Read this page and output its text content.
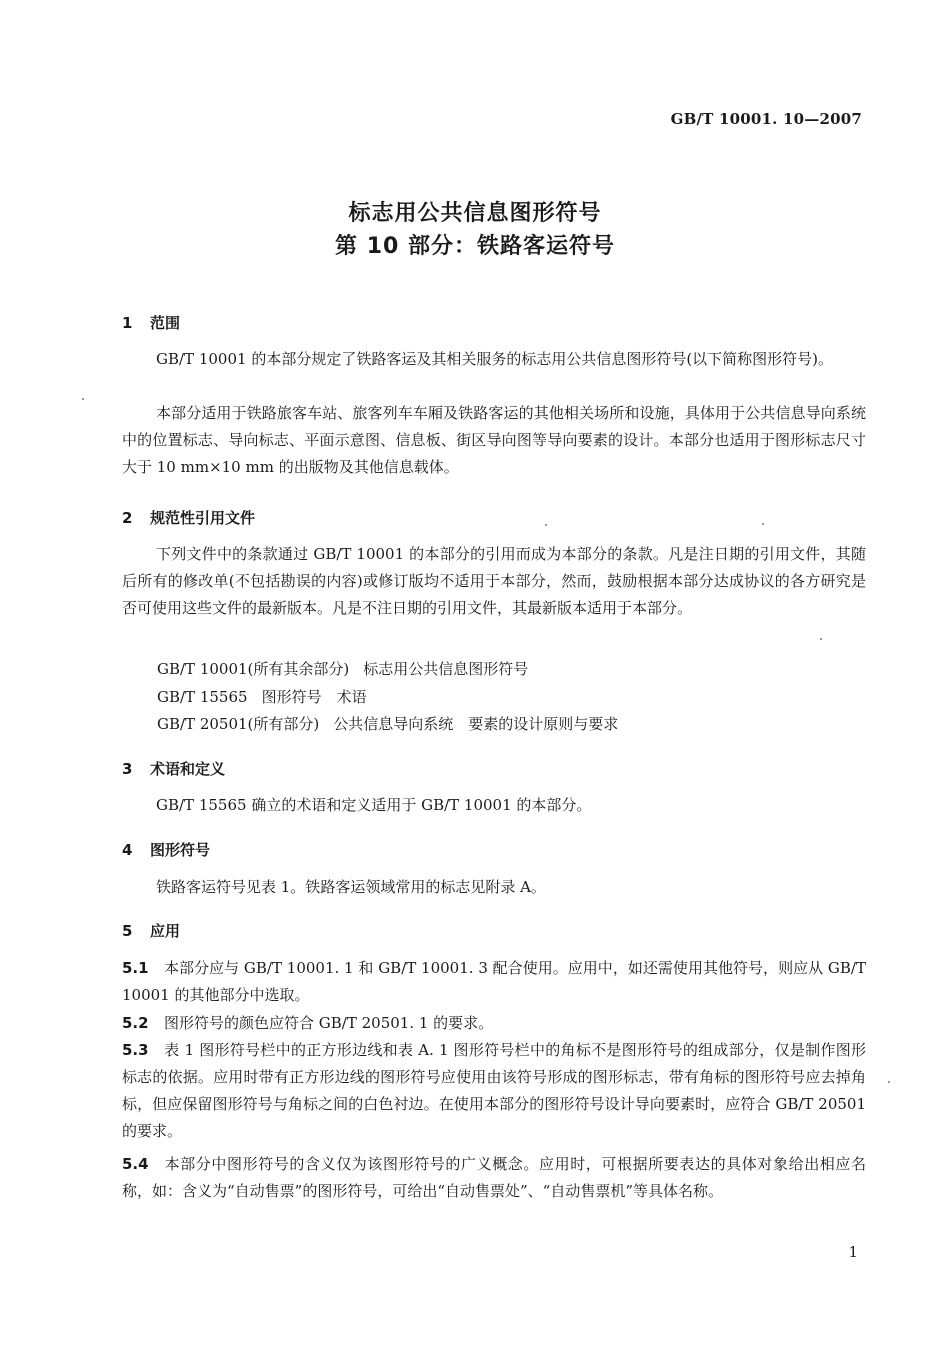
GB/T 10001. 10—2007
标志用公共信息图形符号
第 10 部分：铁路客运符号
1 范围

GB/T 10001 的本部分规定了铁路客运及其相关服务的标志用公共信息图形符号(以下简称图形符号)。

本部分适用于铁路旅客车站、旅客列车车厢及铁路客运的其他相关场所和设施，具体用于公共信息导向系统中的位置标志、导向标志、平面示意图、信息板、街区导向图等导向要素的设计。本部分也适用于图形标志尺寸大于 10 mm×10 mm 的出版物及其他信息载体。

2 规范性引用文件

下列文件中的条款通过 GB/T 10001 的本部分的引用而成为本部分的条款。凡是注日期的引用文件，其随后所有的修改单(不包括勘误的内容)或修订版均不适用于本部分，然而，鼓励根据本部分达成协议的各方研究是否可使用这些文件的最新版本。凡是不注日期的引用文件，其最新版本适用于本部分。

GB/T 10001(所有其余部分) 标志用公共信息图形符号
GB/T 15565 图形符号　术语
GB/T 20501(所有部分) 公共信息导向系统　要素的设计原则与要求
3 术语和定义

GB/T 15565 确立的术语和定义适用于 GB/T 10001 的本部分。

4 图形符号

铁路客运符号见表 1。铁路客运领域常用的标志见附录 A。

5 应用

5.1 本部分应与 GB/T 10001. 1 和 GB/T 10001. 3 配合使用。应用中，如还需使用其他符号，则应从 GB/T 10001 的其他部分中选取。

5.2 图形符号的颜色应符合 GB/T 20501. 1 的要求。

5.3 表 1 图形符号栏中的正方形边线和表 A. 1 图形符号栏中的角标不是图形符号的组成部分，仅是制作图形标志的依据。应用时带有正方形边线的图形符号应使用由该符号形成的图形标志，带有角标的图形符号应去掉角标，但应保留图形符号与角标之间的白色衬边。在使用本部分的图形符号设计导向要素时，应符合 GB/T 20501 的要求。

5.4 本部分中图形符号的含义仅为该图形符号的广义概念。应用时，可根据所要表达的具体对象给出相应名称，如：含义为“自动售票”的图形符号，可给出“自动售票处”、“自动售票机”等具体名称。

1
